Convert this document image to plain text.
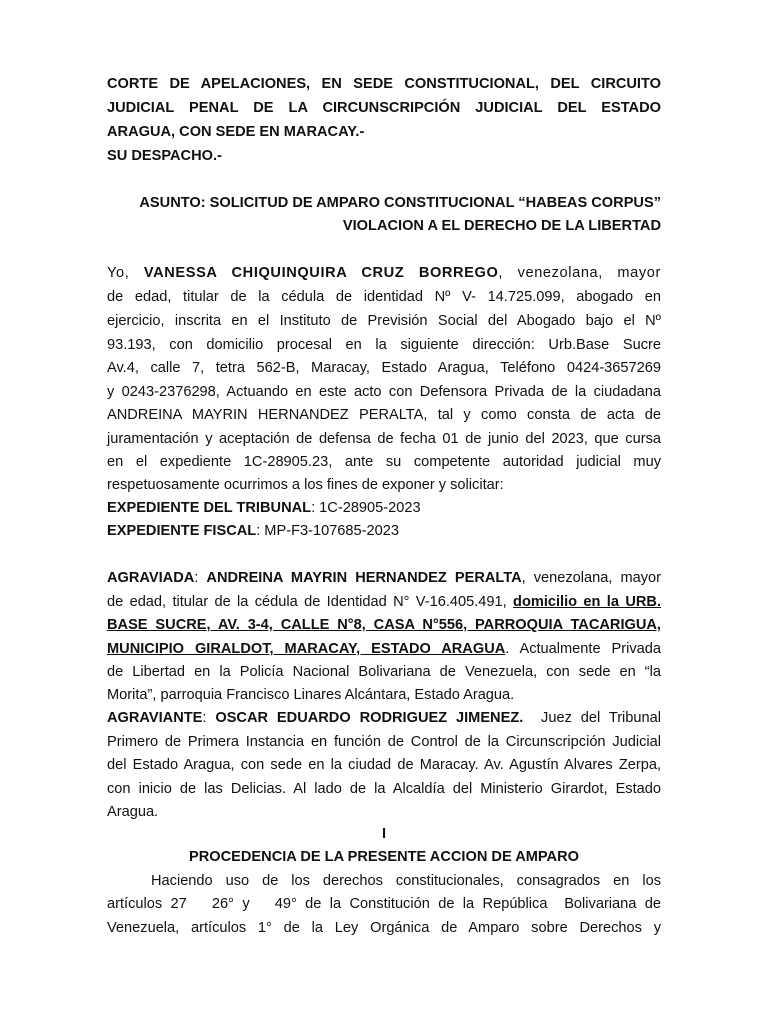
CORTE DE APELACIONES, EN SEDE CONSTITUCIONAL, DEL CIRCUITO
JUDICIAL PENAL DE LA CIRCUNSCRIPCIÓN JUDICIAL DEL ESTADO
ARAGUA, CON SEDE EN MARACAY.-
SU DESPACHO.-
ASUNTO: SOLICITUD DE AMPARO CONSTITUCIONAL “HABEAS CORPUS”
VIOLACION A EL DERECHO DE LA LIBERTAD
Yo, VANESSA CHIQUINQUIRA CRUZ BORREGO, venezolana, mayor
de edad, titular de la cédula de identidad Nº V- 14.725.099, abogado en
ejercicio, inscrita en el Instituto de Previsión Social del Abogado bajo el Nº
93.193, con domicilio procesal en la siguiente dirección: Urb.Base Sucre
Av.4, calle 7, tetra 562-B, Maracay, Estado Aragua, Teléfono 0424-3657269
y 0243-2376298, Actuando en este acto con Defensora Privada de la ciudadana
ANDREINA MAYRIN HERNANDEZ PERALTA, tal y como consta de acta de
juramentación y aceptación de defensa de fecha 01 de junio del 2023, que cursa
en el expediente 1C-28905.23, ante su competente autoridad judicial muy
respetuosamente ocurrimos a los fines de exponer y solicitar:
EXPEDIENTE DEL TRIBUNAL: 1C-28905-2023
EXPEDIENTE FISCAL: MP-F3-107685-2023
AGRAVIADA: ANDREINA MAYRIN HERNANDEZ PERALTA, venezolana, mayor
de edad, titular de la cédula de Identidad N° V-16.405.491, domicilio en la URB.
BASE SUCRE, AV. 3-4, CALLE N°8, CASA N°556, PARROQUIA TACARIGUA,
MUNICIPIO GIRALDOT, MARACAY, ESTADO ARAGUA. Actualmente Privada
de Libertad en la Policía Nacional Bolivariana de Venezuela, con sede en “la
Morita”, parroquia Francisco Linares Alcántara, Estado Aragua.
AGRAVIANTE: OSCAR EDUARDO RODRIGUEZ JIMENEZ.  Juez del Tribunal
Primero de Primera Instancia en función de Control de la Circunscripción Judicial
del Estado Aragua, con sede en la ciudad de Maracay. Av. Agustín Alvares Zerpa,
con inicio de las Delicias. Al lado de la Alcaldía del Ministerio Girardot, Estado
Aragua.
I
PROCEDENCIA DE LA PRESENTE ACCION DE AMPARO
Haciendo uso de los derechos constitucionales, consagrados en los
artículos 27   26° y   49° de la Constitución de la República  Bolivariana de
Venezuela, artículos 1° de la Ley Orgánica de Amparo sobre Derechos y
